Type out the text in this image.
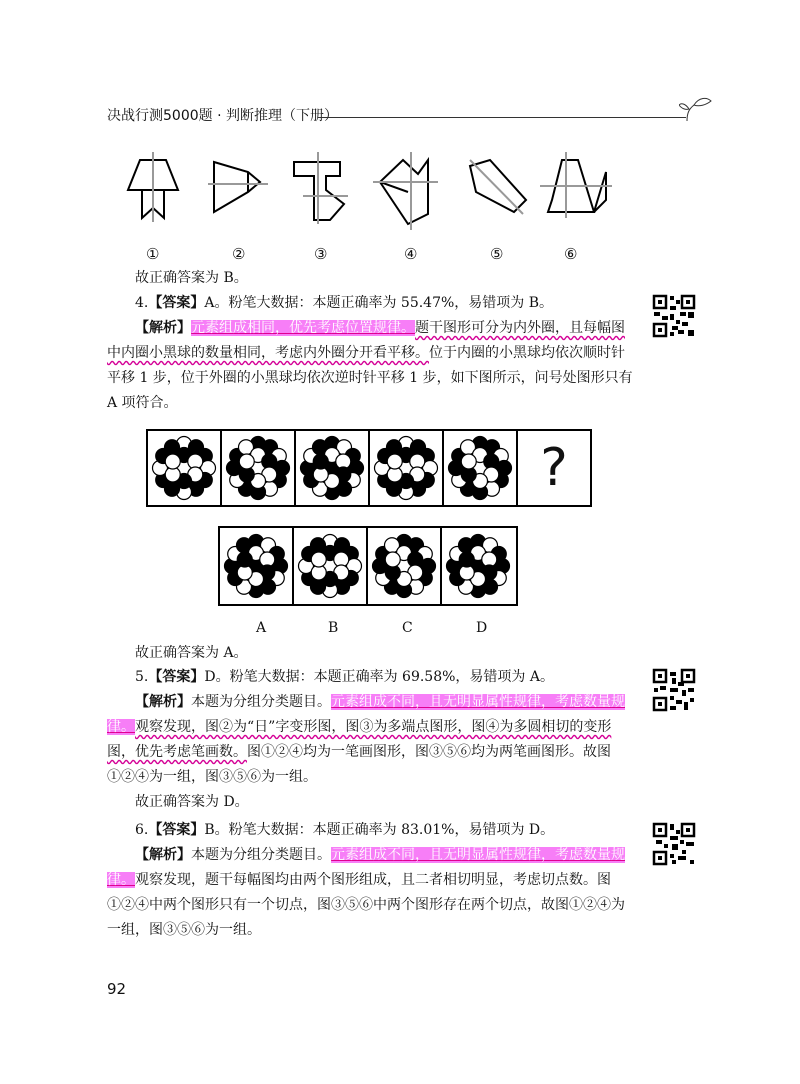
决战行测5000题 · 判断推理（下册）
①	②	③	④	⑤	⑥
故正确答案为 B。
4.【答案】A。粉笔大数据：本题正确率为 55.47%，易错项为 B。
【解析】元素组成相同，优先考虑位置规律。题干图形可分为内外圈，且每幅图
中内圈小黑球的数量相同，考虑内外圈分开看平移。位于内圈的小黑球均依次顺时针
平移 1 步，位于外圈的小黑球均依次逆时针平移 1 步，如下图所示，问号处图形只有
A 项符合。
?
A	B	C	D
故正确答案为 A。
5.【答案】D。粉笔大数据：本题正确率为 69.58%，易错项为 A。
【解析】本题为分组分类题目。元素组成不同，且无明显属性规律，考虑数量规
律。观察发现，图②为“日”字变形图，图③为多端点图形，图④为多圆相切的变形
图，优先考虑笔画数。图①②④均为一笔画图形，图③⑤⑥均为两笔画图形。故图
①②④为一组，图③⑤⑥为一组。
故正确答案为 D。
6.【答案】B。粉笔大数据：本题正确率为 83.01%，易错项为 D。
【解析】本题为分组分类题目。元素组成不同，且无明显属性规律，考虑数量规
律。观察发现，题干每幅图均由两个图形组成，且二者相切明显，考虑切点数。图
①②④中两个图形只有一个切点，图③⑤⑥中两个图形存在两个切点，故图①②④为
一组，图③⑤⑥为一组。
92
